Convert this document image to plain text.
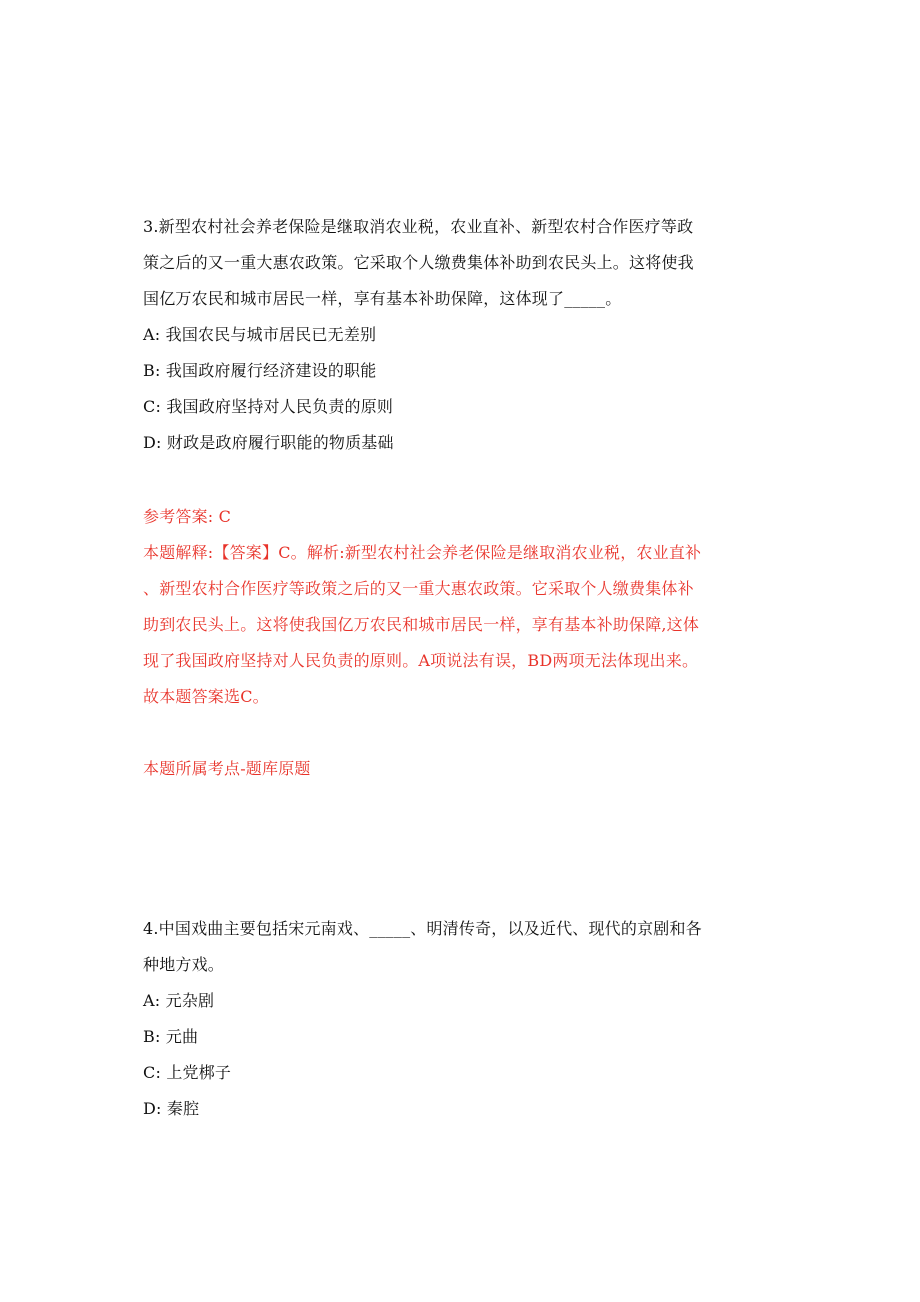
3.新型农村社会养老保险是继取消农业税，农业直补、新型农村合作医疗等政
策之后的又一重大惠农政策。它采取个人缴费集体补助到农民头上。这将使我
国亿万农民和城市居民一样，享有基本补助保障，这体现了_____。
A: 我国农民与城市居民已无差别
B: 我国政府履行经济建设的职能
C: 我国政府坚持对人民负责的原则
D: 财政是政府履行职能的物质基础
参考答案: C
本题解释:【答案】C。解析:新型农村社会养老保险是继取消农业税，农业直补
、新型农村合作医疗等政策之后的又一重大惠农政策。它采取个人缴费集体补
助到农民头上。这将使我国亿万农民和城市居民一样，享有基本补助保障,这体
现了我国政府坚持对人民负责的原则。A项说法有误，BD两项无法体现出来。
故本题答案选C。
本题所属考点-题库原题
4.中国戏曲主要包括宋元南戏、_____、明清传奇，以及近代、现代的京剧和各
种地方戏。
A: 元杂剧
B: 元曲
C: 上党梆子
D: 秦腔
